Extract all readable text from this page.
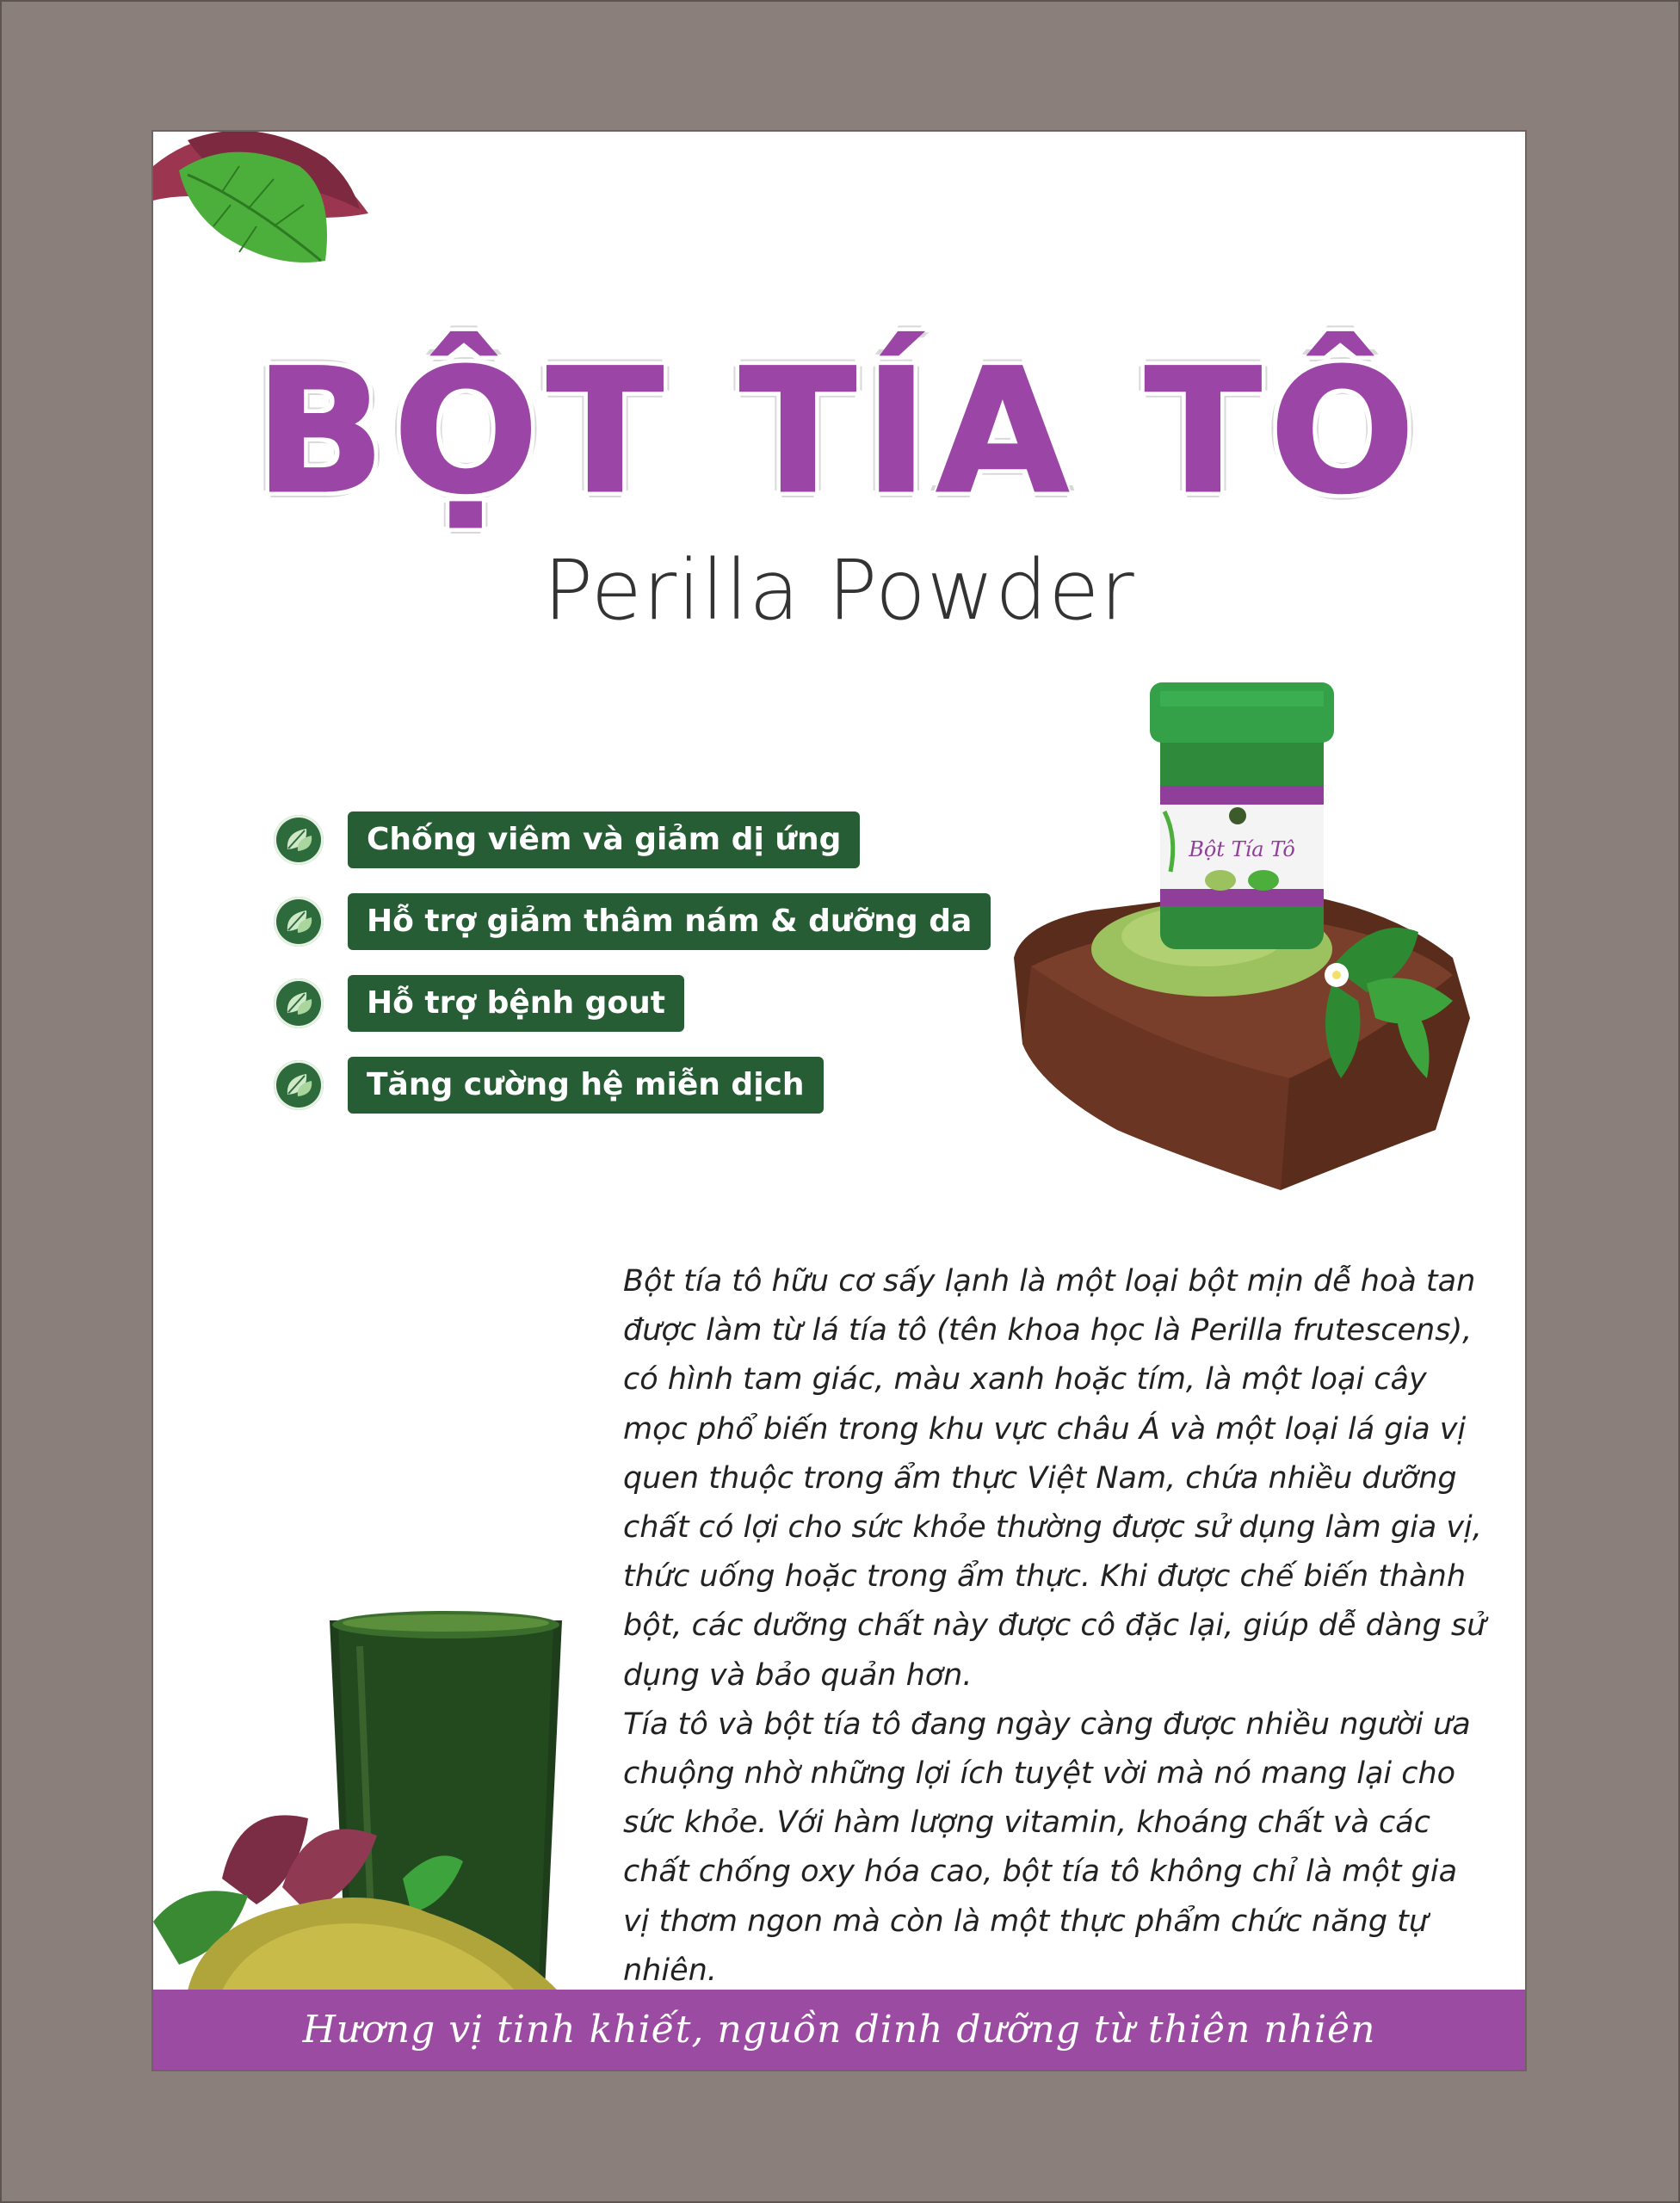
BỘT TÍA TÔ
Perilla Powder
Chống viêm và giảm dị ứng
Hỗ trợ giảm thâm nám & dưỡng da
Hỗ trợ bệnh gout
Tăng cường hệ miễn dịch
Bột Tía Tô

Bột tía tô hữu cơ sấy lạnh là một loại bột mịn dễ hoà tan được làm từ lá tía tô (tên khoa học là Perilla frutescens), có hình tam giác, màu xanh hoặc tím, là một loại cây mọc phổ biến trong khu vực châu Á và một loại lá gia vị quen thuộc trong ẩm thực Việt Nam, chứa nhiều dưỡng chất có lợi cho sức khỏe thường được sử dụng làm gia vị, thức uống hoặc trong ẩm thực. Khi được chế biến thành bột, các dưỡng chất này được cô đặc lại, giúp dễ dàng sử dụng và bảo quản hơn.

Tía tô và bột tía tô đang ngày càng được nhiều người ưa chuộng nhờ những lợi ích tuyệt vời mà nó mang lại cho sức khỏe. Với hàm lượng vitamin, khoáng chất và các chất chống oxy hóa cao, bột tía tô không chỉ là một gia vị thơm ngon mà còn là một thực phẩm chức năng tự nhiên.

Hương vị tinh khiết, nguồn dinh dưỡng từ thiên nhiên
